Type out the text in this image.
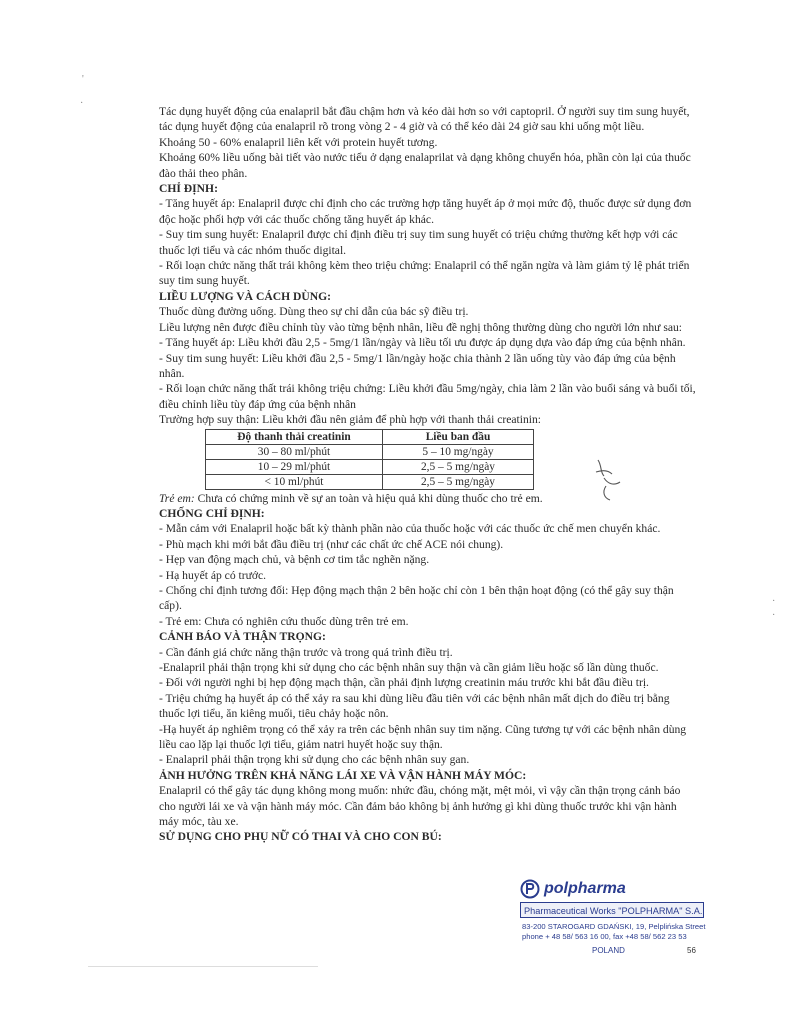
'
·

Tác dụng huyết động của enalapril bắt đầu chậm hơn và kéo dài hơn so với captopril. Ở người suy tim sung huyết, tác dụng huyết động của enalapril rõ trong vòng 2 - 4 giờ và có thể kéo dài 24 giờ sau khi uống một liều.

Khoảng 50 - 60% enalapril liên kết với protein huyết tương.

Khoảng 60% liều uống bài tiết vào nước tiểu ở dạng enalaprilat và dạng không chuyển hóa, phần còn lại của thuốc đào thải theo phân.

CHỈ ĐỊNH:

- Tăng huyết áp: Enalapril được chỉ định cho các trường hợp tăng huyết áp ở mọi mức độ, thuốc được sử dụng đơn độc hoặc phối hợp với các thuốc chống tăng huyết áp khác.

- Suy tim sung huyết: Enalapril được chỉ định điều trị suy tim sung huyết có triệu chứng thường kết hợp với các thuốc lợi tiểu và các nhóm thuốc digital.

- Rối loạn chức năng thất trái không kèm theo triệu chứng: Enalapril có thể ngăn ngừa và làm giảm tỷ lệ phát triển suy tim sung huyết.

LIỀU LƯỢNG VÀ CÁCH DÙNG:

Thuốc dùng đường uống. Dùng theo sự chỉ dẫn của bác sỹ điều trị.

Liều lượng nên được điều chỉnh tùy vào từng bệnh nhân, liều đề nghị thông thường dùng cho người lớn như sau:

- Tăng huyết áp: Liều khởi đầu 2,5 - 5mg/1 lần/ngày và liều tối ưu được áp dụng dựa vào đáp ứng của bệnh nhân.

- Suy tim sung huyết: Liều khởi đầu 2,5 - 5mg/1 lần/ngày hoặc chia thành 2 lần uống tùy vào đáp ứng của bệnh nhân.

- Rối loạn chức năng thất trái không triệu chứng: Liều khởi đầu 5mg/ngày, chia làm 2 lần vào buổi sáng và buổi tối, điều chỉnh liều tùy đáp ứng của bệnh nhân

Trường hợp suy thận: Liều khởi đầu nên giảm để phù hợp với thanh thải creatinin:

Độ thanh thải creatinin	Liều ban đầu
30 – 80 ml/phút	5 – 10 mg/ngày
10 – 29 ml/phút	2,5 – 5 mg/ngày
< 10 ml/phút	2,5 – 5 mg/ngày

Trẻ em: Chưa có chứng minh về sự an toàn và hiệu quả khi dùng thuốc cho trẻ em.

CHỐNG CHỈ ĐỊNH:

- Mẫn cảm với Enalapril hoặc bất kỳ thành phần nào của thuốc hoặc với các thuốc ức chế men chuyển khác.

- Phù mạch khi mới bắt đầu điều trị (như các chất ức chế ACE nói chung).

- Hẹp van động mạch chủ, và bệnh cơ tim tắc nghẽn nặng.

- Hạ huyết áp có trước.

- Chống chỉ định tương đối: Hẹp động mạch thận 2 bên hoặc chỉ còn 1 bên thận hoạt động (có thể gây suy thận cấp).

- Trẻ em: Chưa có nghiên cứu thuốc dùng trên trẻ em.

CẢNH BÁO VÀ THẬN TRỌNG:

- Cần đánh giá chức năng thận trước và trong quá trình điều trị.

-Enalapril phải thận trọng khi sử dụng cho các bệnh nhân suy thận và cần giảm liều hoặc số lần dùng thuốc.

- Đối với người nghi bị hẹp động mạch thận, cần phải định lượng creatinin máu trước khi bắt đầu điều trị.

- Triệu chứng hạ huyết áp có thể xảy ra sau khi dùng liều đầu tiên với các bệnh nhân mất dịch do điều trị bằng thuốc lợi tiểu, ăn kiêng muối, tiêu chảy hoặc nôn.

-Hạ huyết áp nghiêm trọng có thể xảy ra trên các bệnh nhân suy tim nặng. Cũng tương tự với các bệnh nhân dùng liều cao lặp lại thuốc lợi tiểu, giảm natri huyết hoặc suy thận.

- Enalapril phải thận trọng khi sử dụng cho các bệnh nhân suy gan.

ẢNH HƯỞNG TRÊN KHẢ NĂNG LÁI XE VÀ VẬN HÀNH MÁY MÓC:

Enalapril có thể gây tác dụng không mong muốn: nhức đầu, chóng mặt, mệt mỏi, vì vậy cần thận trọng cảnh báo cho người lái xe và vận hành máy móc. Cần đảm bảo không bị ảnh hưởng gì khi dùng thuốc trước khi vận hành máy móc, tàu xe.

SỬ DỤNG CHO PHỤ NỮ CÓ THAI VÀ CHO CON BÚ:

·
·
polpharma
Pharmaceutical Works "POLPHARMA" S.A.
83-200 STAROGARD GDAŃSKI, 19, Pelplińska Street
phone + 48 58/ 563 16 00, fax +48 58/ 562 23 53
POLAND	56
